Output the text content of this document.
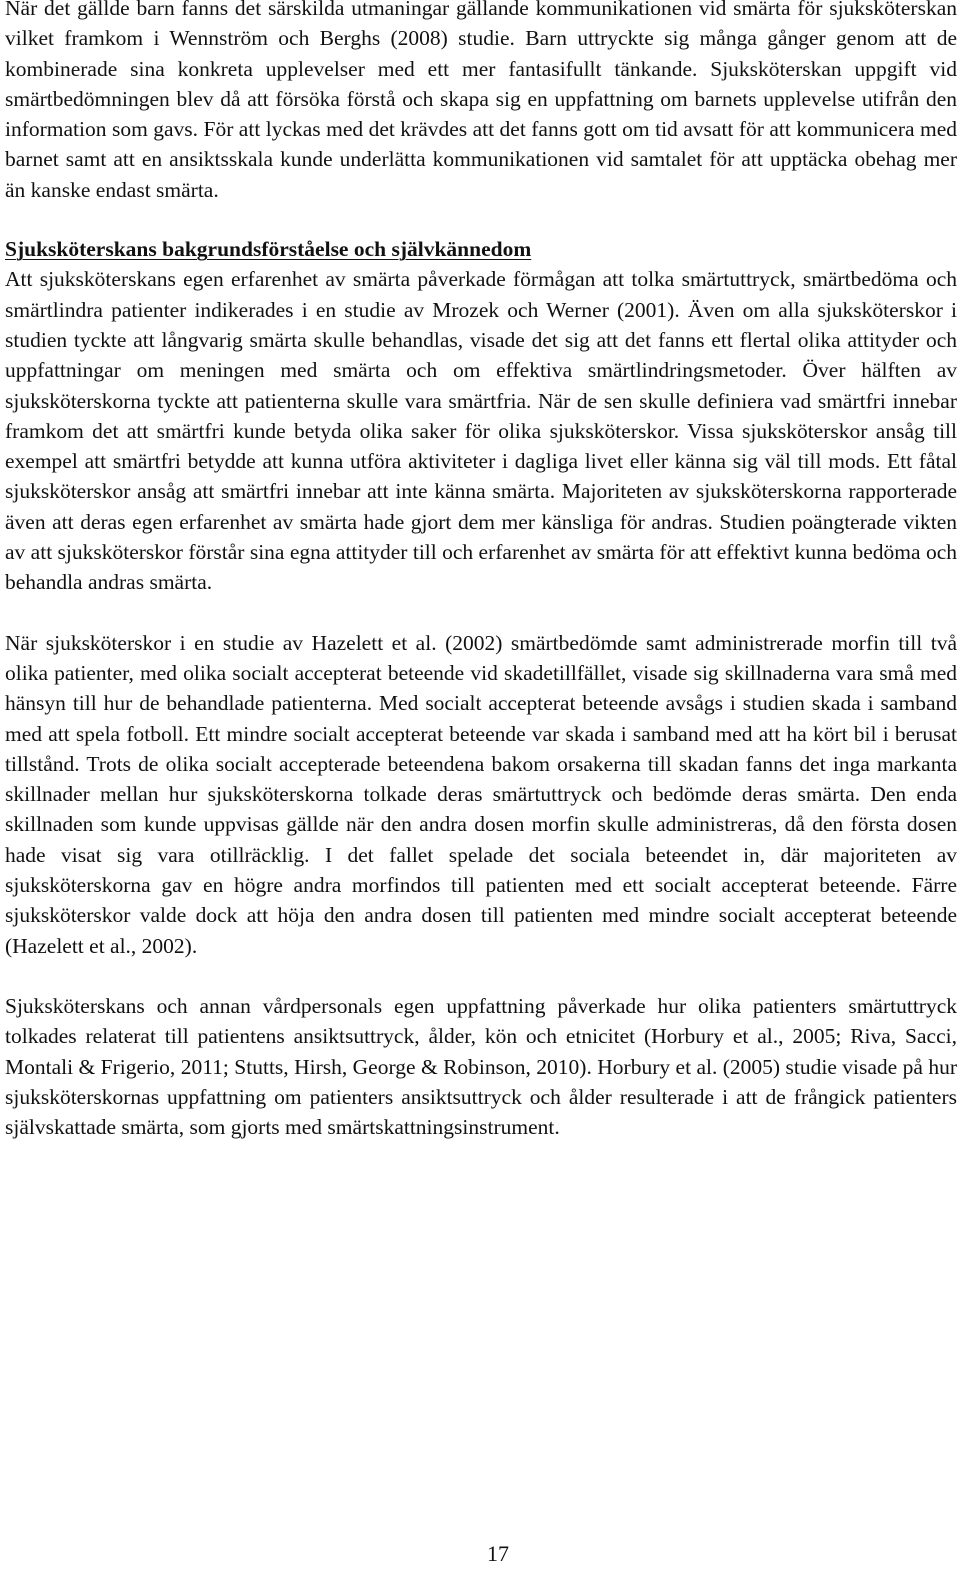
När det gällde barn fanns det särskilda utmaningar gällande kommunikationen vid smärta för sjuksköterskan vilket framkom i Wennström och Berghs (2008) studie. Barn uttryckte sig många gånger genom att de kombinerade sina konkreta upplevelser med ett mer fantasifullt tänkande. Sjuksköterskan uppgift vid smärtbedömningen blev då att försöka förstå och skapa sig en uppfattning om barnets upplevelse utifrån den information som gavs. För att lyckas med det krävdes att det fanns gott om tid avsatt för att kommunicera med barnet samt att en ansiktsskala kunde underlätta kommunikationen vid samtalet för att upptäcka obehag mer än kanske endast smärta.

Sjuksköterskans bakgrundsförståelse och självkännedom

Att sjuksköterskans egen erfarenhet av smärta påverkade förmågan att tolka smärtuttryck, smärtbedöma och smärtlindra patienter indikerades i en studie av Mrozek och Werner (2001). Även om alla sjuksköterskor i studien tyckte att långvarig smärta skulle behandlas, visade det sig att det fanns ett flertal olika attityder och uppfattningar om meningen med smärta och om effektiva smärtlindringsmetoder. Över hälften av sjuksköterskorna tyckte att patienterna skulle vara smärtfria. När de sen skulle definiera vad smärtfri innebar framkom det att smärtfri kunde betyda olika saker för olika sjuksköterskor. Vissa sjuksköterskor ansåg till exempel att smärtfri betydde att kunna utföra aktiviteter i dagliga livet eller känna sig väl till mods. Ett fåtal sjuksköterskor ansåg att smärtfri innebar att inte känna smärta. Majoriteten av sjuksköterskorna rapporterade även att deras egen erfarenhet av smärta hade gjort dem mer känsliga för andras. Studien poängterade vikten av att sjuksköterskor förstår sina egna attityder till och erfarenhet av smärta för att effektivt kunna bedöma och behandla andras smärta.

När sjuksköterskor i en studie av Hazelett et al. (2002) smärtbedömde samt administrerade morfin till två olika patienter, med olika socialt accepterat beteende vid skadetillfället, visade sig skillnaderna vara små med hänsyn till hur de behandlade patienterna. Med socialt accepterat beteende avsågs i studien skada i samband med att spela fotboll. Ett mindre socialt accepterat beteende var skada i samband med att ha kört bil i berusat tillstånd. Trots de olika socialt accepterade beteendena bakom orsakerna till skadan fanns det inga markanta skillnader mellan hur sjuksköterskorna tolkade deras smärtuttryck och bedömde deras smärta. Den enda skillnaden som kunde uppvisas gällde när den andra dosen morfin skulle administreras, då den första dosen hade visat sig vara otillräcklig. I det fallet spelade det sociala beteendet in, där majoriteten av sjuksköterskorna gav en högre andra morfindos till patienten med ett socialt accepterat beteende. Färre sjuksköterskor valde dock att höja den andra dosen till patienten med mindre socialt accepterat beteende (Hazelett et al., 2002).

Sjuksköterskans och annan vårdpersonals egen uppfattning påverkade hur olika patienters smärtuttryck tolkades relaterat till patientens ansiktsuttryck, ålder, kön och etnicitet (Horbury et al., 2005; Riva, Sacci, Montali & Frigerio, 2011; Stutts, Hirsh, George & Robinson, 2010). Horbury et al. (2005) studie visade på hur sjuksköterskornas uppfattning om patienters ansiktsuttryck och ålder resulterade i att de frångick patienters självskattade smärta, som gjorts med smärtskattningsinstrument.

17
